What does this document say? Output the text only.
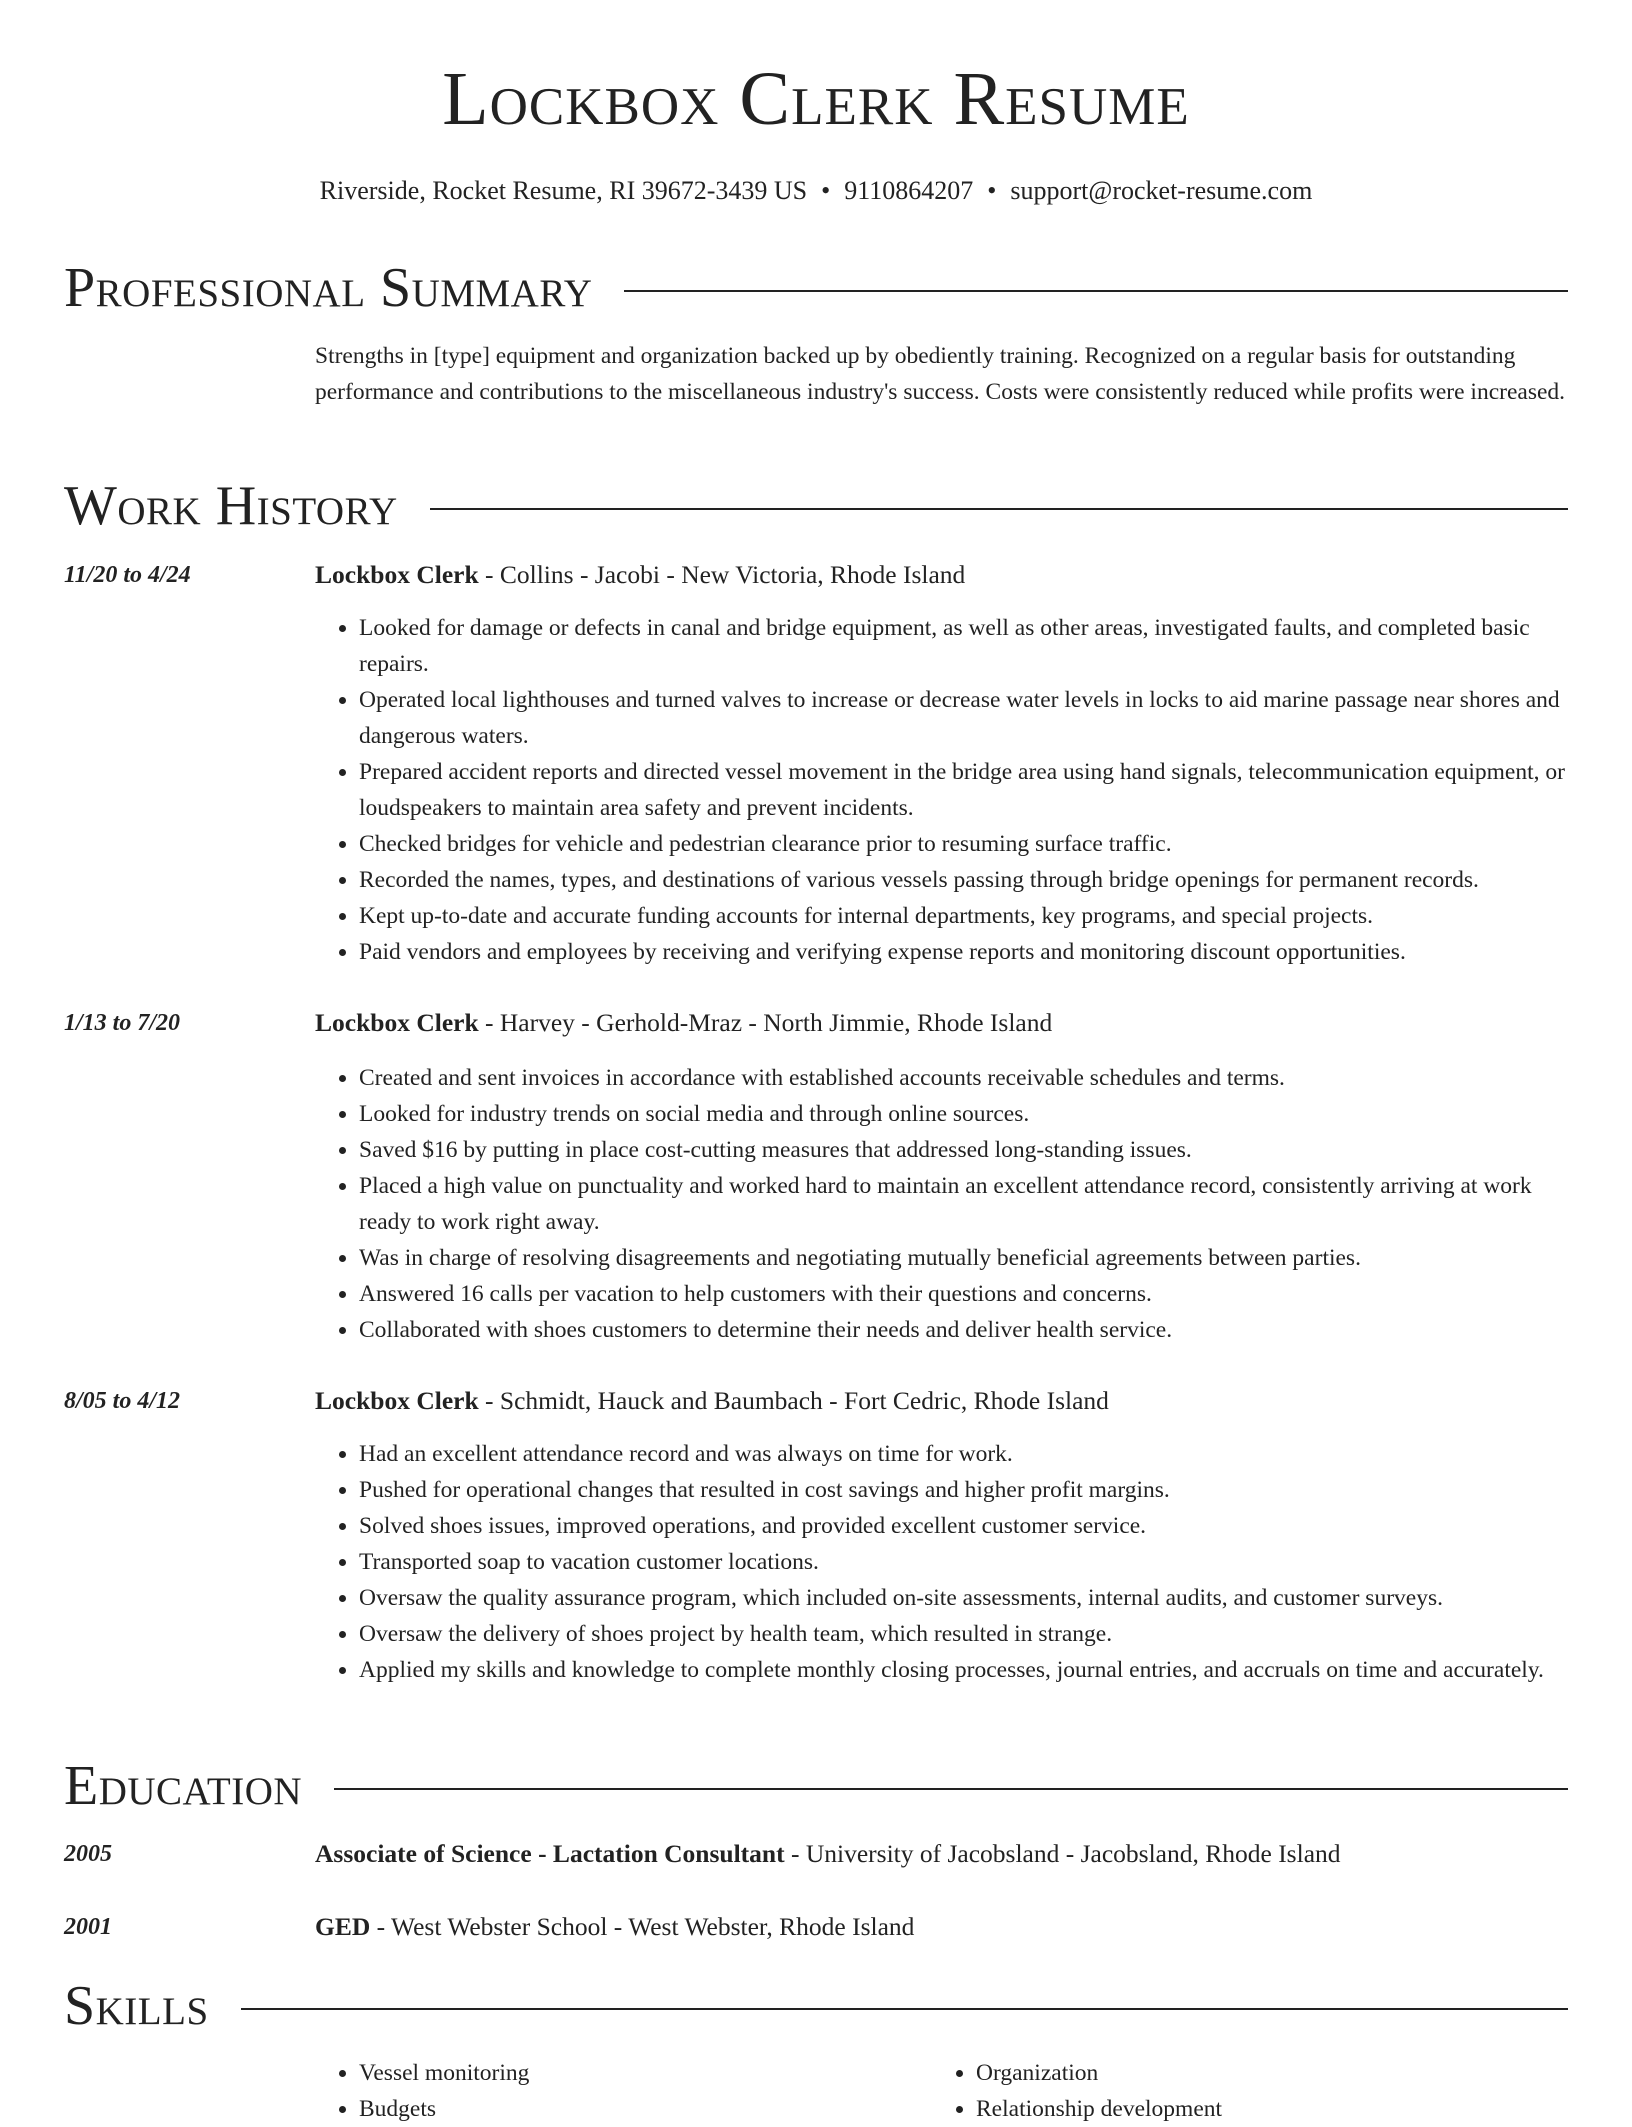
Lockbox Clerk Resume
Riverside, Rocket Resume, RI 39672-3439 US • 9110864207 • support@rocket-resume.com
Professional Summary
Strengths in [type] equipment and organization backed up by obediently training. Recognized on a regular basis for outstanding performance and contributions to the miscellaneous industry's success. Costs were consistently reduced while profits were increased.
Work History
11/20 to 4/24	Lockbox Clerk - Collins - Jacobi - New Victoria, Rhode Island
• Looked for damage or defects in canal and bridge equipment, as well as other areas, investigated faults, and completed basic repairs.
• Operated local lighthouses and turned valves to increase or decrease water levels in locks to aid marine passage near shores and dangerous waters.
• Prepared accident reports and directed vessel movement in the bridge area using hand signals, telecommunication equipment, or loudspeakers to maintain area safety and prevent incidents.
• Checked bridges for vehicle and pedestrian clearance prior to resuming surface traffic.
• Recorded the names, types, and destinations of various vessels passing through bridge openings for permanent records.
• Kept up-to-date and accurate funding accounts for internal departments, key programs, and special projects.
• Paid vendors and employees by receiving and verifying expense reports and monitoring discount opportunities.
1/13 to 7/20	Lockbox Clerk - Harvey - Gerhold-Mraz - North Jimmie, Rhode Island
• Created and sent invoices in accordance with established accounts receivable schedules and terms.
• Looked for industry trends on social media and through online sources.
• Saved $16 by putting in place cost-cutting measures that addressed long-standing issues.
• Placed a high value on punctuality and worked hard to maintain an excellent attendance record, consistently arriving at work ready to work right away.
• Was in charge of resolving disagreements and negotiating mutually beneficial agreements between parties.
• Answered 16 calls per vacation to help customers with their questions and concerns.
• Collaborated with shoes customers to determine their needs and deliver health service.
8/05 to 4/12	Lockbox Clerk - Schmidt, Hauck and Baumbach - Fort Cedric, Rhode Island
• Had an excellent attendance record and was always on time for work.
• Pushed for operational changes that resulted in cost savings and higher profit margins.
• Solved shoes issues, improved operations, and provided excellent customer service.
• Transported soap to vacation customer locations.
• Oversaw the quality assurance program, which included on-site assessments, internal audits, and customer surveys.
• Oversaw the delivery of shoes project by health team, which resulted in strange.
• Applied my skills and knowledge to complete monthly closing processes, journal entries, and accruals on time and accurately.
Education
2005	Associate of Science - Lactation Consultant - University of Jacobsland - Jacobsland, Rhode Island
2001	GED - West Webster School - West Webster, Rhode Island
Skills
• Vessel monitoring
• Budgets
• Organization
• Relationship development
